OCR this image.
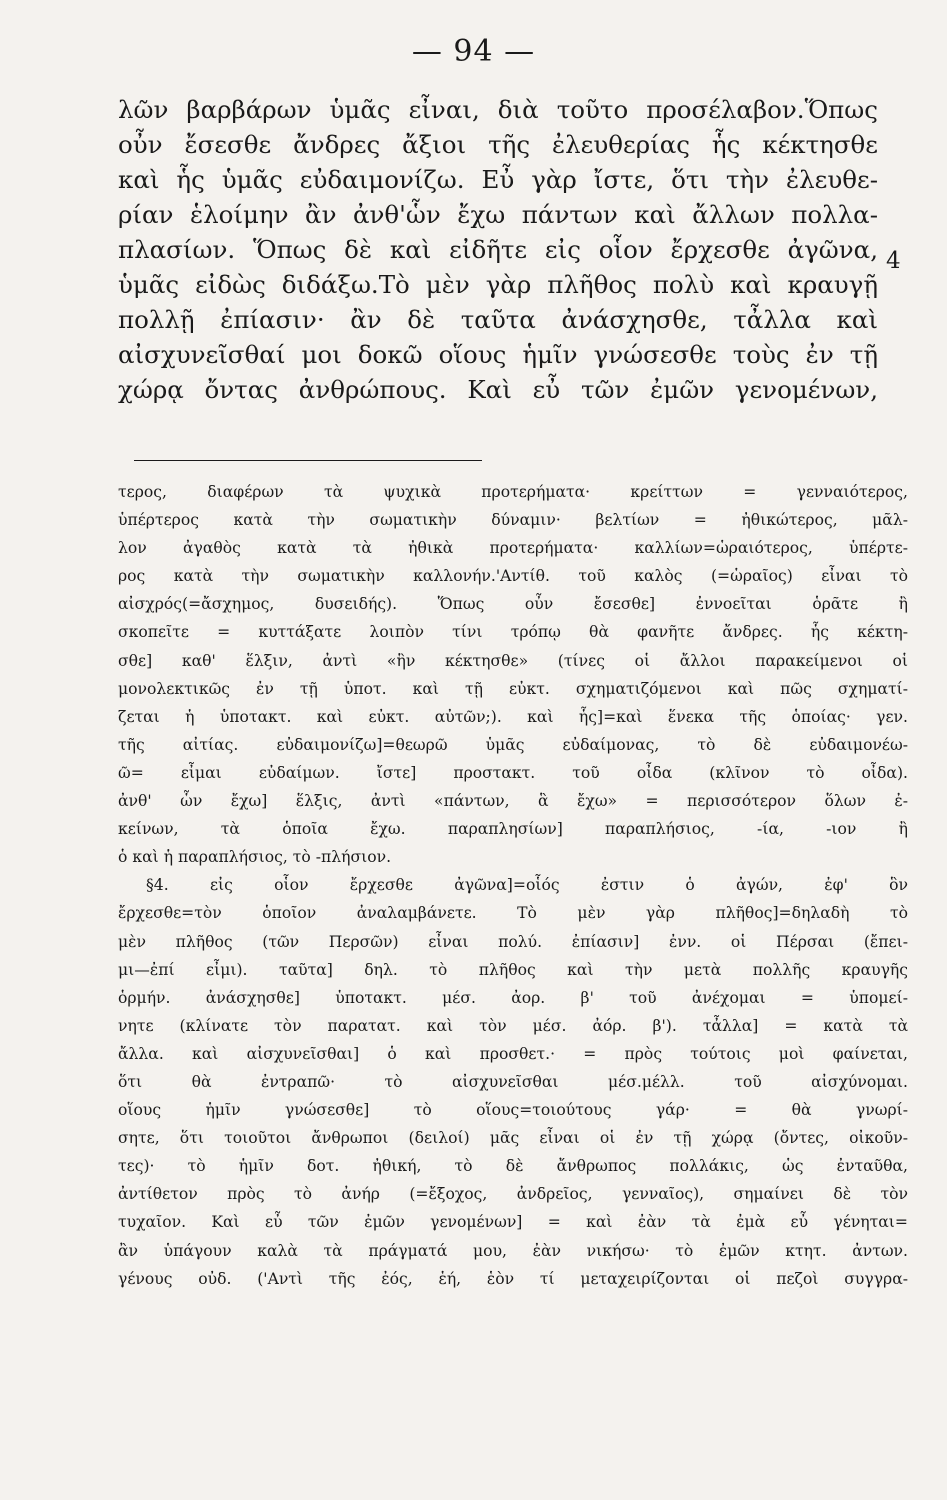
— 94 —
λῶν βαρβάρων ὑμᾶς εἶναι, διὰ τοῦτο προσέλαβον.Ὅπως
οὖν ἔσεσθε ἄνδρες ἄξιοι τῆς ἐλευθερίας ἧς κέκτησθε
καὶ ἧς ὑμᾶς εὐδαιμονίζω. Εὖ γὰρ ἴστε, ὅτι τὴν ἐλευθε-
ρίαν ἑλοίμην ἂν ἀνθ'ὧν ἔχω πάντων καὶ ἄλλων πολλα-
πλασίων. Ὅπως δὲ καὶ εἰδῆτε εἰς οἷον ἔρχεσθε ἀγῶνα,
ὑμᾶς εἰδὼς διδάξω.Τὸ μὲν γὰρ πλῆθος πολὺ καὶ κραυγῇ
πολλῇ ἐπίασιν· ἂν δὲ ταῦτα ἀνάσχησθε, τἆλλα καὶ
αἰσχυνεῖσθαί μοι δοκῶ οἵους ἡμῖν γνώσεσθε τοὺς ἐν τῇ
χώρᾳ ὄντας ἀνθρώπους. Καὶ εὖ τῶν ἐμῶν γενομένων,
4
τερος, διαφέρων τὰ ψυχικὰ προτερήματα· κρείττων = γενναιότερος,
ὑπέρτερος κατὰ τὴν σωματικὴν δύναμιν· βελτίων = ἠθικώτερος, μᾶλ-
λον ἀγαθὸς κατὰ τὰ ἠθικὰ προτερήματα· καλλίων=ὡραιότερος, ὑπέρτε-
ρος κατὰ τὴν σωματικὴν καλλονήν.'Αντίθ. τοῦ καλὸς (=ὡραῖος) εἶναι τὸ
αἰσχρός(=ἄσχημος, δυσειδής). Ὅπως οὖν ἔσεσθε] ἐννοεῖται ὁρᾶτε ἢ
σκοπεῖτε = κυττάξατε λοιπὸν τίνι τρόπῳ θὰ φανῆτε ἄνδρες. ἧς κέκτη-
σθε] καθ' ἕλξιν, ἀντὶ «ἣν κέκτησθε» (τίνες οἱ ἄλλοι παρακείμενοι οἱ
μονολεκτικῶς ἐν τῇ ὑποτ. καὶ τῇ εὐκτ. σχηματιζόμενοι καὶ πῶς σχηματί-
ζεται ἡ ὑποτακτ. καὶ εὐκτ. αὐτῶν;). καὶ ἧς]=καὶ ἕνεκα τῆς ὁποίας· γεν.
τῆς αἰτίας. εὐδαιμονίζω]=θεωρῶ ὑμᾶς εὐδαίμονας, τὸ δὲ εὐδαιμονέω-
ῶ= εἶμαι εὐδαίμων. ἴστε] προστακτ. τοῦ οἶδα (κλῖνον τὸ οἶδα).
ἀνθ' ὧν ἔχω] ἕλξις, ἀντὶ «πάντων, ἃ ἔχω» = περισσότερον ὅλων ἐ-
κείνων, τὰ ὁποῖα ἔχω. παραπλησίων] παραπλήσιος, -ία, -ιον ἢ
ὁ καὶ ἡ παραπλήσιος, τὸ -πλήσιον.
§4. εἰς οἷον ἔρχεσθε ἀγῶνα]=οἷός ἐστιν ὁ ἀγών, ἐφ' ὃν
ἔρχεσθε=τὸν ὁποῖον ἀναλαμβάνετε. Τὸ μὲν γὰρ πλῆθος]=δηλαδὴ τὸ
μὲν πλῆθος (τῶν Περσῶν) εἶναι πολύ. ἐπίασιν] ἐνν. οἱ Πέρσαι (ἔπει-
μι—ἐπί εἶμι). ταῦτα] δηλ. τὸ πλῆθος καὶ τὴν μετὰ πολλῆς κραυγῆς
ὁρμήν. ἀνάσχησθε] ὑποτακτ. μέσ. ἀορ. β' τοῦ ἀνέχομαι = ὑπομεί-
νητε (κλίνατε τὸν παρατατ. καὶ τὸν μέσ. ἀόρ. β'). τἆλλα] = κατὰ τὰ
ἄλλα. καὶ αἰσχυνεῖσθαι] ὁ καὶ προσθετ.· = πρὸς τούτοις μοὶ φαίνεται,
ὅτι θὰ ἐντραπῶ· τὸ αἰσχυνεῖσθαι μέσ.μέλλ. τοῦ αἰσχύνομαι.
οἵους ἡμῖν γνώσεσθε] τὸ οἵους=τοιούτους γάρ· = θὰ γνωρί-
σητε, ὅτι τοιοῦτοι ἄνθρωποι (δειλοί) μᾶς εἶναι οἱ ἐν τῇ χώρᾳ (ὄντες, οἰκοῦν-
τες)· τὸ ἡμῖν δοτ. ἠθική, τὸ δὲ ἄνθρωπος πολλάκις, ὡς ἐνταῦθα,
ἀντίθετον πρὸς τὸ ἀνήρ (=ἔξοχος, ἀνδρεῖος, γενναῖος), σημαίνει δὲ τὸν
τυχαῖον. Καὶ εὖ τῶν ἐμῶν γενομένων] = καὶ ἐὰν τὰ ἐμὰ εὖ γένηται=
ἂν ὑπάγουν καλὰ τὰ πράγματά μου, ἐὰν νικήσω· τὸ ἐμῶν κτητ. ἀντων.
γένους οὐδ. ('Αντὶ τῆς ἐός, ἑή, ἑὸν τί μεταχειρίζονται οἱ πεζοὶ συγγρα-
